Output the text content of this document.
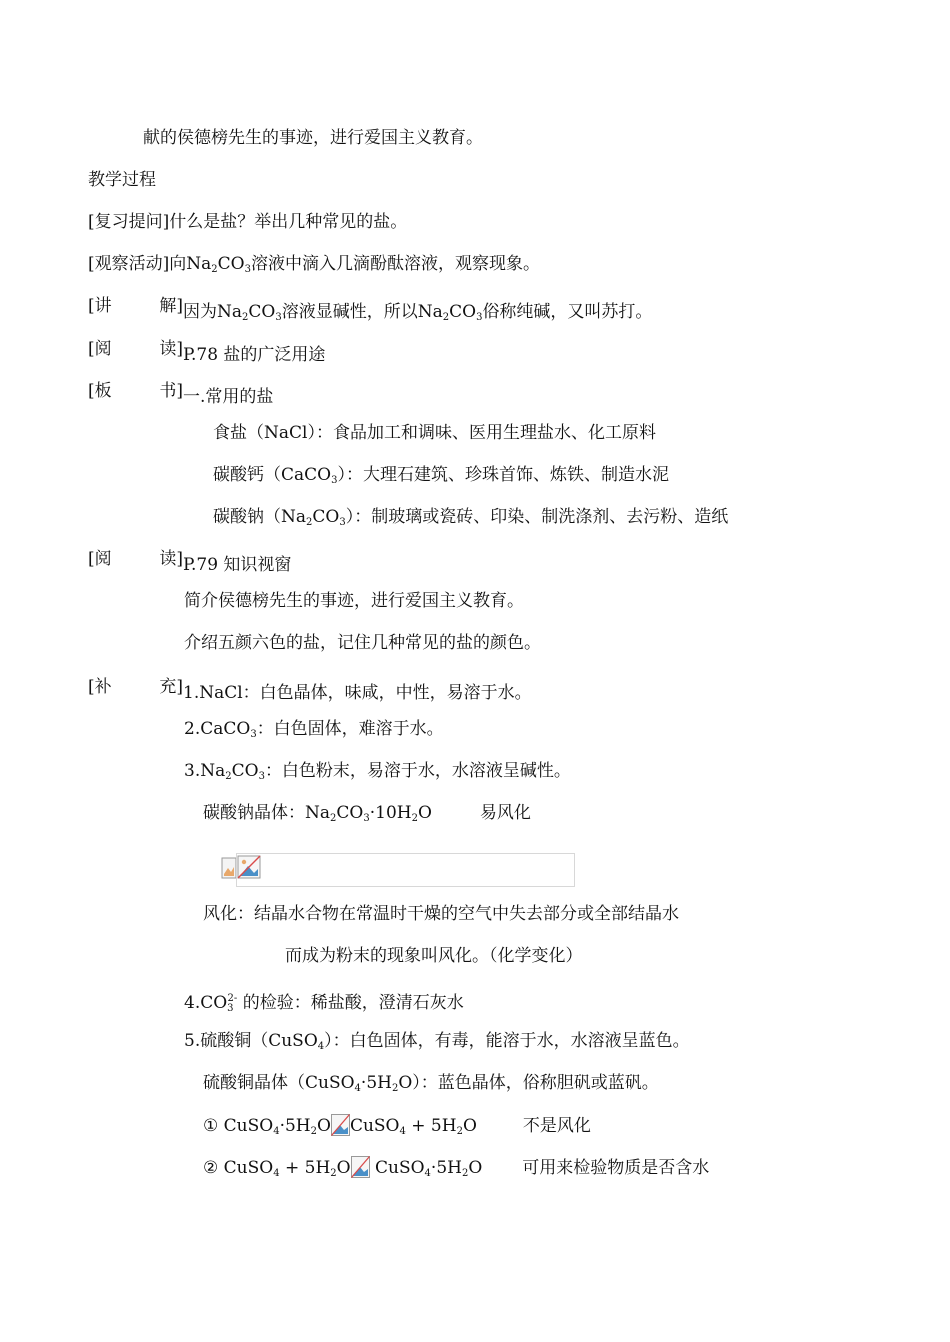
献的侯德榜先生的事迹，进行爱国主义教育。
教学过程
[复习提问]什么是盐？举出几种常见的盐。
[观察活动]向$Na_2CO_3$溶液中滴入几滴酚酞溶液，观察现象。
[讲	解] 因为$Na_2CO_3$溶液显碱性，所以$Na_2CO_3$俗称纯碱，又叫苏打。
[阅	读] P.78 盐的广泛用途
[板	书] 一.常用的盐
食盐（NaCl）：食品加工和调味、医用生理盐水、化工原料
碳酸钙（CaCO$_3$）：大理石建筑、珍珠首饰、炼铁、制造水泥
碳酸钠$(Na_2CO_3)$：制玻璃或瓷砖、印染、制洗涤剂、去污粉、造纸
[阅	读] P.79 知识视窗
简介侯德榜先生的事迹，进行爱国主义教育。
介绍五颜六色的盐，记住几种常见的盐的颜色。
[补	充] 1.NaCl：白色晶体，味咸，中性，易溶于水。
2.CaCO$_3$：白色固体，难溶于水。
$3.Na_2CO_3$：白色粉末，易溶于水，水溶液呈碱性。
碳酸钠晶体：$Na_2CO_3\cdot 10H_2O$	易风化
风化：结晶水合物在常温时干燥的空气中失去部分或全部结晶水
而成为粉末的现象叫风化。（化学变化）
$4.CO_3^{2-}$ 的检验：稀盐酸，澄清石灰水
5.硫酸铜（CuSO$_4$）：白色固体，有毒，能溶于水，水溶液呈蓝色。
硫酸铜晶体$(CuSO_4\cdot 5H_2O)$：蓝色晶体，俗称胆矾或蓝矾。
① $CuSO_4\cdot 5H_2O$ CuSO$_4$ + $5H_2O$	不是风化
② CuSO$_4$ + $5H_2O$
$CuSO_4\cdot 5H_2O$ 可用来检验物质是否含水
